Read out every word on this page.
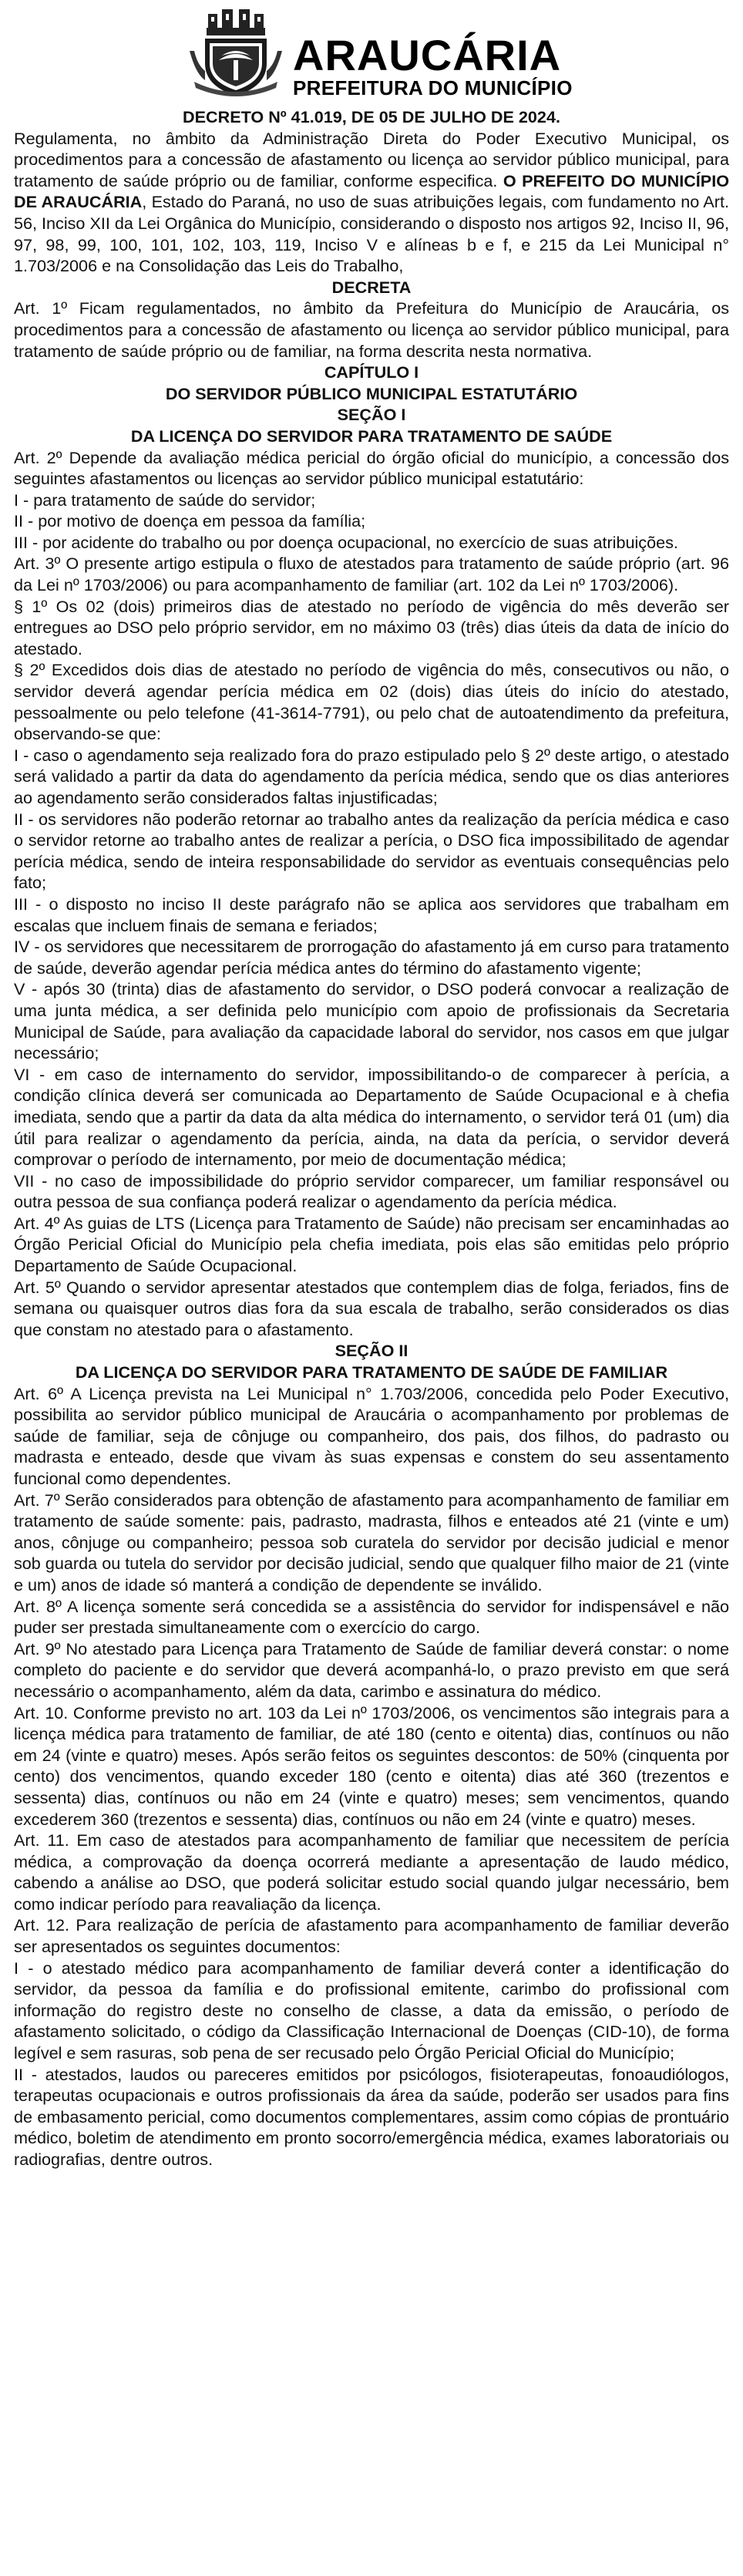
ARAUCÁRIA
PREFEITURA DO MUNICÍPIO

DECRETO Nº 41.019, DE 05 DE JULHO DE 2024.

Regulamenta, no âmbito da Administração Direta do Poder Executivo Municipal, os procedimentos para a concessão de afastamento ou licença ao servidor público municipal, para tratamento de saúde próprio ou de familiar, conforme especifica. O PREFEITO DO MUNICÍPIO DE ARAUCÁRIA, Estado do Paraná, no uso de suas atribuições legais, com fundamento no Art. 56, Inciso XII da Lei Orgânica do Município, considerando o disposto nos artigos 92, Inciso II, 96, 97, 98, 99, 100, 101, 102, 103, 119, Inciso V e alíneas b e f, e 215 da Lei Municipal n° 1.703/2006 e na Consolidação das Leis do Trabalho,

DECRETA

Art. 1º Ficam regulamentados, no âmbito da Prefeitura do Município de Araucária, os procedimentos para a concessão de afastamento ou licença ao servidor público municipal, para tratamento de saúde próprio ou de familiar, na forma descrita nesta normativa.

CAPÍTULO I

DO SERVIDOR PÚBLICO MUNICIPAL ESTATUTÁRIO

SEÇÃO I

DA LICENÇA DO SERVIDOR PARA TRATAMENTO DE SAÚDE

Art. 2º Depende da avaliação médica pericial do órgão oficial do município, a concessão dos seguintes afastamentos ou licenças ao servidor público municipal estatutário:

I - para tratamento de saúde do servidor;

II - por motivo de doença em pessoa da família;

III - por acidente do trabalho ou por doença ocupacional, no exercício de suas atribuições.

Art. 3º O presente artigo estipula o fluxo de atestados para tratamento de saúde próprio (art. 96 da Lei nº 1703/2006) ou para acompanhamento de familiar (art. 102 da Lei nº 1703/2006).

§ 1º Os 02 (dois) primeiros dias de atestado no período de vigência do mês deverão ser entregues ao DSO pelo próprio servidor, em no máximo 03 (três) dias úteis da data de início do atestado.

§ 2º Excedidos dois dias de atestado no período de vigência do mês, consecutivos ou não, o servidor deverá agendar perícia médica em 02 (dois) dias úteis do início do atestado, pessoalmente ou pelo telefone (41-3614-7791), ou pelo chat de autoatendimento da prefeitura, observando-se que:

I - caso o agendamento seja realizado fora do prazo estipulado pelo § 2º deste artigo, o atestado será validado a partir da data do agendamento da perícia médica, sendo que os dias anteriores ao agendamento serão considerados faltas injustificadas;

II - os servidores não poderão retornar ao trabalho antes da realização da perícia médica e caso o servidor retorne ao trabalho antes de realizar a perícia, o DSO fica impossibilitado de agendar perícia médica, sendo de inteira responsabilidade do servidor as eventuais consequências pelo fato;

III - o disposto no inciso II deste parágrafo não se aplica aos servidores que trabalham em escalas que incluem finais de semana e feriados;

IV - os servidores que necessitarem de prorrogação do afastamento já em curso para tratamento de saúde, deverão agendar perícia médica antes do término do afastamento vigente;

V - após 30 (trinta) dias de afastamento do servidor, o DSO poderá convocar a realização de uma junta médica, a ser definida pelo município com apoio de profissionais da Secretaria Municipal de Saúde, para avaliação da capacidade laboral do servidor, nos casos em que julgar necessário;

VI - em caso de internamento do servidor, impossibilitando-o de comparecer à perícia, a condição clínica deverá ser comunicada ao Departamento de Saúde Ocupacional e à chefia imediata, sendo que a partir da data da alta médica do internamento, o servidor terá 01 (um) dia útil para realizar o agendamento da perícia, ainda, na data da perícia, o servidor deverá comprovar o período de internamento, por meio de documentação médica;

VII - no caso de impossibilidade do próprio servidor comparecer, um familiar responsável ou outra pessoa de sua confiança poderá realizar o agendamento da perícia médica.

Art. 4º As guias de LTS (Licença para Tratamento de Saúde) não precisam ser encaminhadas ao Órgão Pericial Oficial do Município pela chefia imediata, pois elas são emitidas pelo próprio Departamento de Saúde Ocupacional.

Art. 5º Quando o servidor apresentar atestados que contemplem dias de folga, feriados, fins de semana ou quaisquer outros dias fora da sua escala de trabalho, serão considerados os dias que constam no atestado para o afastamento.

SEÇÃO II

DA LICENÇA DO SERVIDOR PARA TRATAMENTO DE SAÚDE DE FAMILIAR

Art. 6º A Licença prevista na Lei Municipal n° 1.703/2006, concedida pelo Poder Executivo, possibilita ao servidor público municipal de Araucária o acompanhamento por problemas de saúde de familiar, seja de cônjuge ou companheiro, dos pais, dos filhos, do padrasto ou madrasta e enteado, desde que vivam às suas expensas e constem do seu assentamento funcional como dependentes.

Art. 7º Serão considerados para obtenção de afastamento para acompanhamento de familiar em tratamento de saúde somente: pais, padrasto, madrasta, filhos e enteados até 21 (vinte e um) anos, cônjuge ou companheiro; pessoa sob curatela do servidor por decisão judicial e menor sob guarda ou tutela do servidor por decisão judicial, sendo que qualquer filho maior de 21 (vinte e um) anos de idade só manterá a condição de dependente se inválido.

Art. 8º A licença somente será concedida se a assistência do servidor for indispensável e não puder ser prestada simultaneamente com o exercício do cargo.

Art. 9º No atestado para Licença para Tratamento de Saúde de familiar deverá constar: o nome completo do paciente e do servidor que deverá acompanhá-lo, o prazo previsto em que será necessário o acompanhamento, além da data, carimbo e assinatura do médico.

Art. 10. Conforme previsto no art. 103 da Lei nº 1703/2006, os vencimentos são integrais para a licença médica para tratamento de familiar, de até 180 (cento e oitenta) dias, contínuos ou não em 24 (vinte e quatro) meses. Após serão feitos os seguintes descontos: de 50% (cinquenta por cento) dos vencimentos, quando exceder 180 (cento e oitenta) dias até 360 (trezentos e sessenta) dias, contínuos ou não em 24 (vinte e quatro) meses; sem vencimentos, quando excederem 360 (trezentos e sessenta) dias, contínuos ou não em 24 (vinte e quatro) meses.

Art. 11. Em caso de atestados para acompanhamento de familiar que necessitem de perícia médica, a comprovação da doença ocorrerá mediante a apresentação de laudo médico, cabendo a análise ao DSO, que poderá solicitar estudo social quando julgar necessário, bem como indicar período para reavaliação da licença.

Art. 12. Para realização de perícia de afastamento para acompanhamento de familiar deverão ser apresentados os seguintes documentos:

I - o atestado médico para acompanhamento de familiar deverá conter a identificação do servidor, da pessoa da família e do profissional emitente, carimbo do profissional com informação do registro deste no conselho de classe, a data da emissão, o período de afastamento solicitado, o código da Classificação Internacional de Doenças (CID-10), de forma legível e sem rasuras, sob pena de ser recusado pelo Órgão Pericial Oficial do Município;

II - atestados, laudos ou pareceres emitidos por psicólogos, fisioterapeutas, fonoaudiólogos, terapeutas ocupacionais e outros profissionais da área da saúde, poderão ser usados para fins de embasamento pericial, como documentos complementares, assim como cópias de prontuário médico, boletim de atendimento em pronto socorro/emergência médica, exames laboratoriais ou radiografias, dentre outros.
